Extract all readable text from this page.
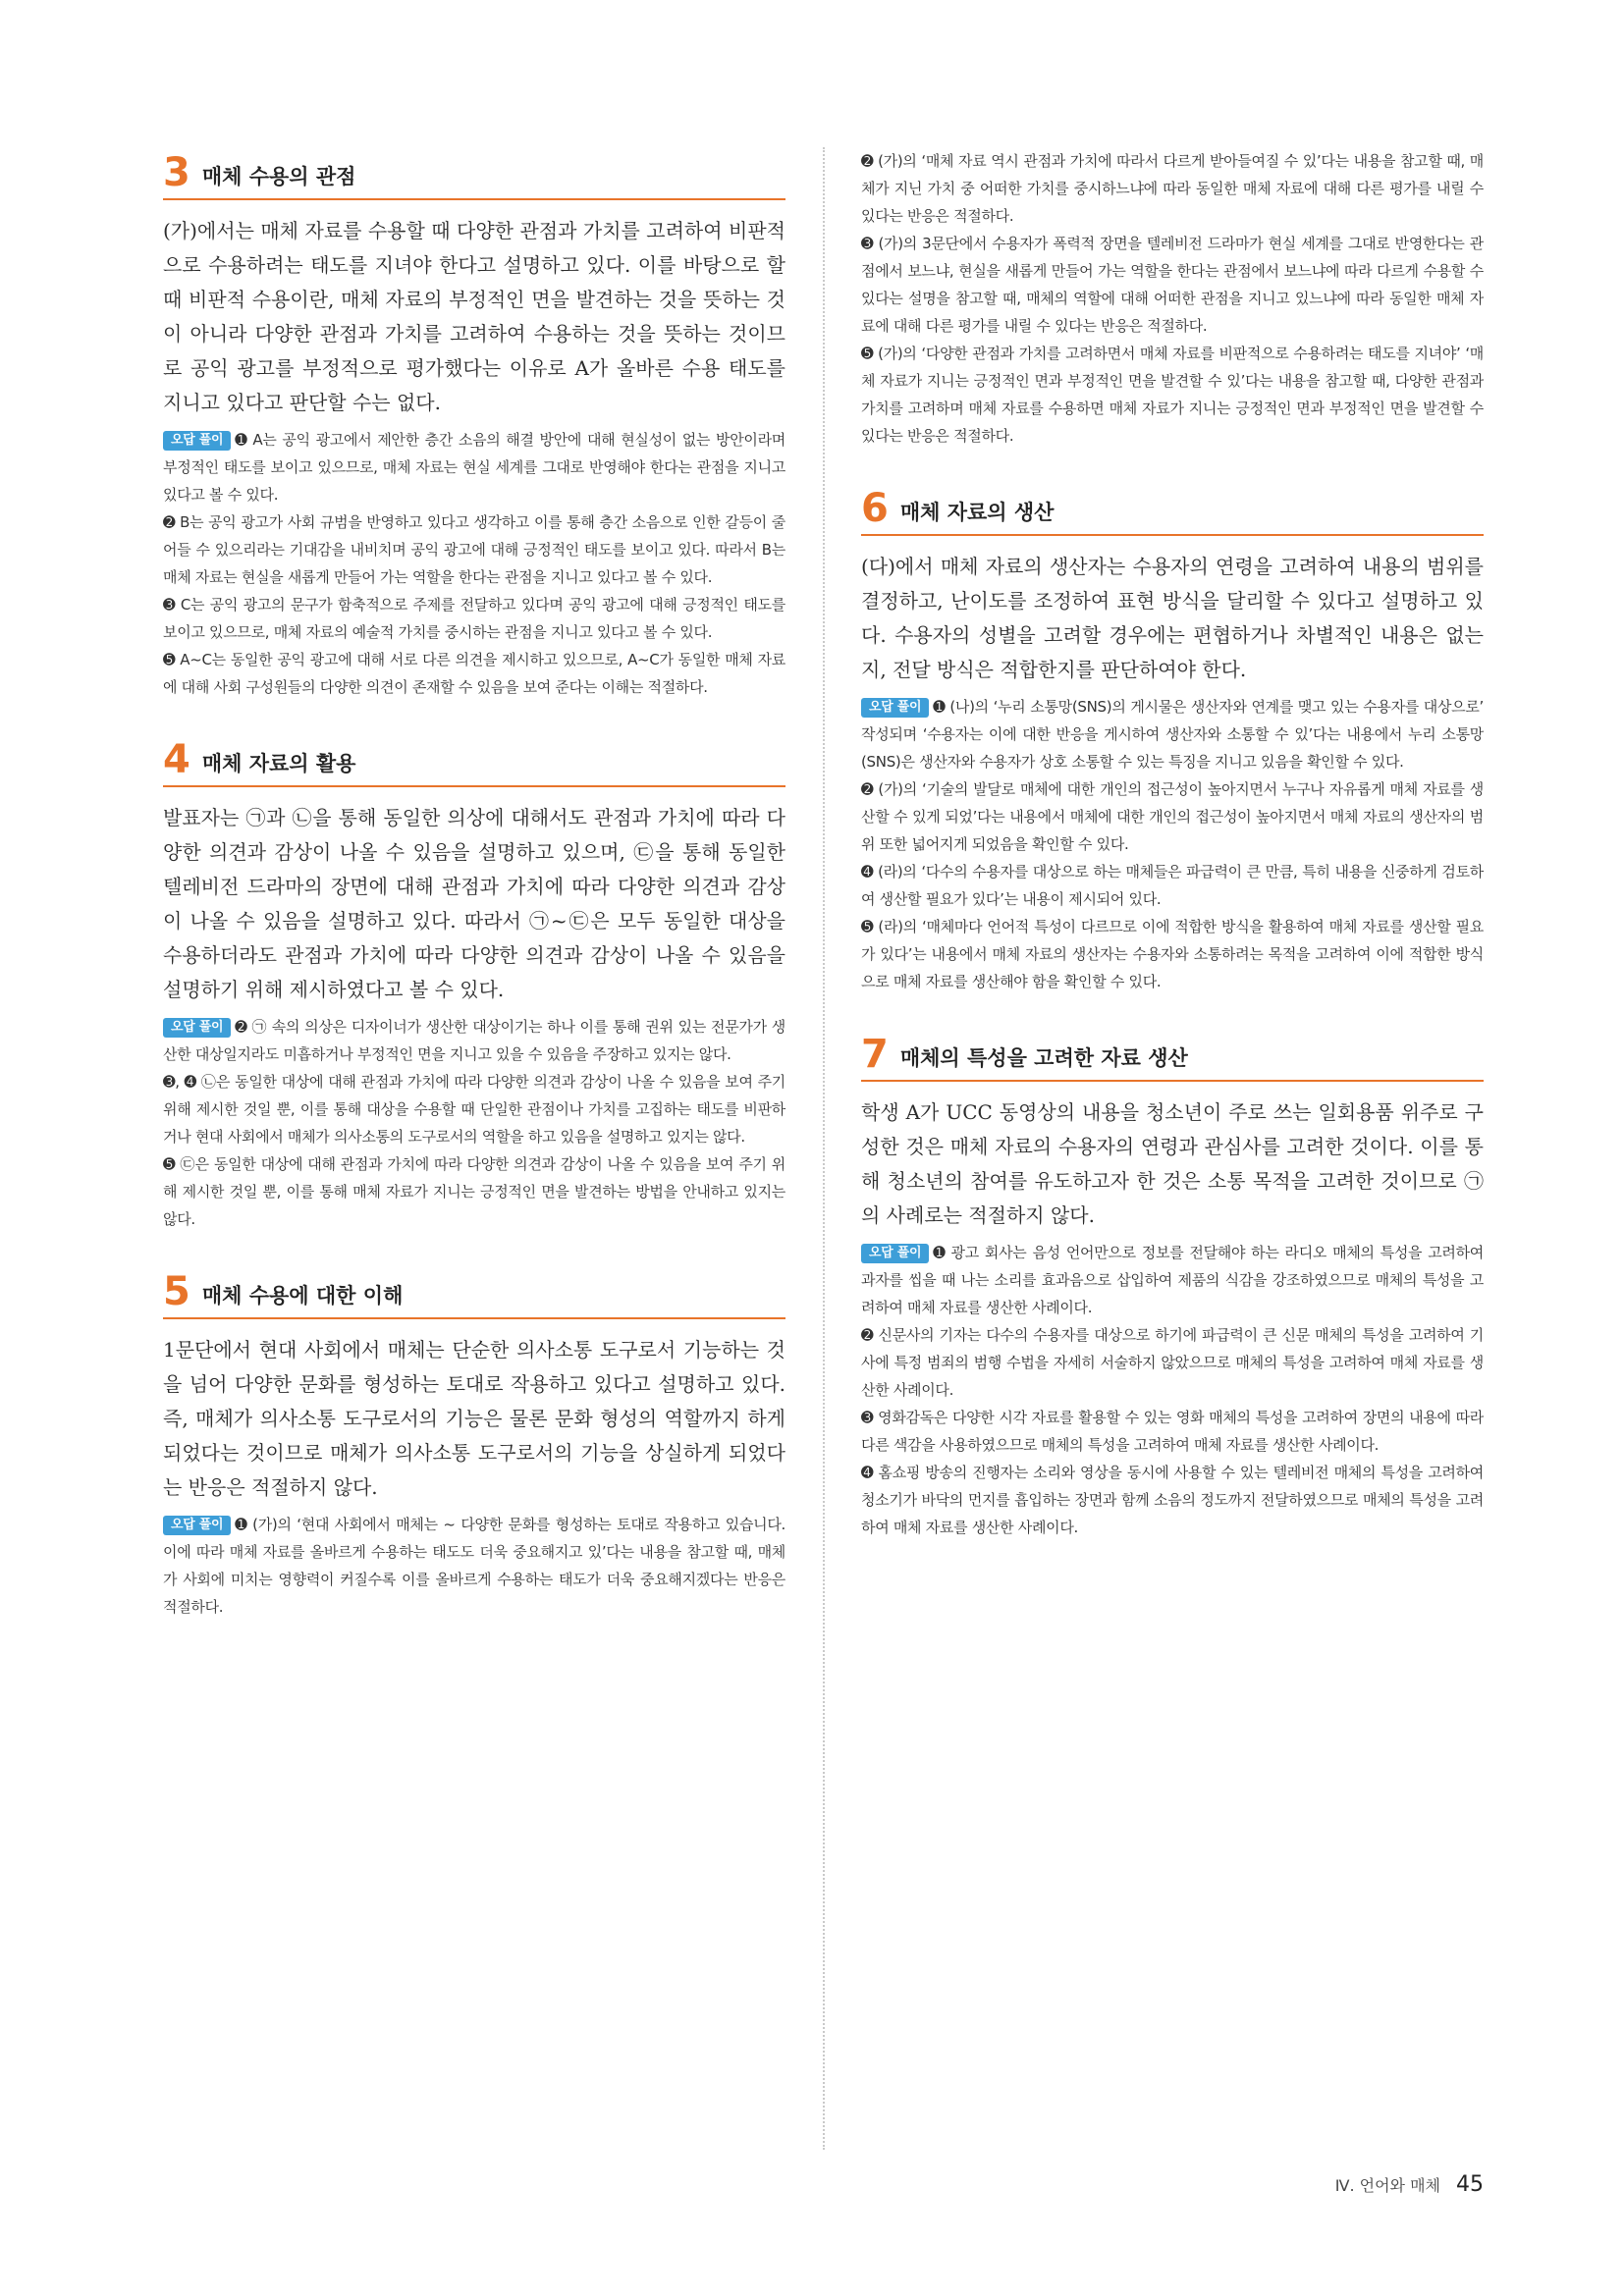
3 매체 수용의 관점

(가)에서는 매체 자료를 수용할 때 다양한 관점과 가치를 고려하여 비판적으로 수용하려는 태도를 지녀야 한다고 설명하고 있다. 이를 바탕으로 할 때 비판적 수용이란, 매체 자료의 부정적인 면을 발견하는 것을 뜻하는 것이 아니라 다양한 관점과 가치를 고려하여 수용하는 것을 뜻하는 것이므로 공익 광고를 부정적으로 평가했다는 이유로 A가 올바른 수용 태도를 지니고 있다고 판단할 수는 없다.

오답 풀이 ➊ A는 공익 광고에서 제안한 층간 소음의 해결 방안에 대해 현실성이 없는 방안이라며 부정적인 태도를 보이고 있으므로, 매체 자료는 현실 세계를 그대로 반영해야 한다는 관점을 지니고 있다고 볼 수 있다.

➋ B는 공익 광고가 사회 규범을 반영하고 있다고 생각하고 이를 통해 층간 소음으로 인한 갈등이 줄어들 수 있으리라는 기대감을 내비치며 공익 광고에 대해 긍정적인 태도를 보이고 있다. 따라서 B는 매체 자료는 현실을 새롭게 만들어 가는 역할을 한다는 관점을 지니고 있다고 볼 수 있다.

➌ C는 공익 광고의 문구가 함축적으로 주제를 전달하고 있다며 공익 광고에 대해 긍정적인 태도를 보이고 있으므로, 매체 자료의 예술적 가치를 중시하는 관점을 지니고 있다고 볼 수 있다.

➎ A~C는 동일한 공익 광고에 대해 서로 다른 의견을 제시하고 있으므로, A~C가 동일한 매체 자료에 대해 사회 구성원들의 다양한 의견이 존재할 수 있음을 보여 준다는 이해는 적절하다.

4 매체 자료의 활용

발표자는 ㉠과 ㉡을 통해 동일한 의상에 대해서도 관점과 가치에 따라 다양한 의견과 감상이 나올 수 있음을 설명하고 있으며, ㉢을 통해 동일한 텔레비전 드라마의 장면에 대해 관점과 가치에 따라 다양한 의견과 감상이 나올 수 있음을 설명하고 있다. 따라서 ㉠~㉢은 모두 동일한 대상을 수용하더라도 관점과 가치에 따라 다양한 의견과 감상이 나올 수 있음을 설명하기 위해 제시하였다고 볼 수 있다.

오답 풀이 ➋ ㉠ 속의 의상은 디자이너가 생산한 대상이기는 하나 이를 통해 권위 있는 전문가가 생산한 대상일지라도 미흡하거나 부정적인 면을 지니고 있을 수 있음을 주장하고 있지는 않다.

➌, ➍ ㉡은 동일한 대상에 대해 관점과 가치에 따라 다양한 의견과 감상이 나올 수 있음을 보여 주기 위해 제시한 것일 뿐, 이를 통해 대상을 수용할 때 단일한 관점이나 가치를 고집하는 태도를 비판하거나 현대 사회에서 매체가 의사소통의 도구로서의 역할을 하고 있음을 설명하고 있지는 않다.

➎ ㉢은 동일한 대상에 대해 관점과 가치에 따라 다양한 의견과 감상이 나올 수 있음을 보여 주기 위해 제시한 것일 뿐, 이를 통해 매체 자료가 지니는 긍정적인 면을 발견하는 방법을 안내하고 있지는 않다.

5 매체 수용에 대한 이해

1문단에서 현대 사회에서 매체는 단순한 의사소통 도구로서 기능하는 것을 넘어 다양한 문화를 형성하는 토대로 작용하고 있다고 설명하고 있다. 즉, 매체가 의사소통 도구로서의 기능은 물론 문화 형성의 역할까지 하게 되었다는 것이므로 매체가 의사소통 도구로서의 기능을 상실하게 되었다는 반응은 적절하지 않다.

오답 풀이 ➊ (가)의 ‘현대 사회에서 매체는 ~ 다양한 문화를 형성하는 토대로 작용하고 있습니다. 이에 따라 매체 자료를 올바르게 수용하는 태도도 더욱 중요해지고 있’다는 내용을 참고할 때, 매체가 사회에 미치는 영향력이 커질수록 이를 올바르게 수용하는 태도가 더욱 중요해지겠다는 반응은 적절하다.

➋ (가)의 ‘매체 자료 역시 관점과 가치에 따라서 다르게 받아들여질 수 있’다는 내용을 참고할 때, 매체가 지닌 가치 중 어떠한 가치를 중시하느냐에 따라 동일한 매체 자료에 대해 다른 평가를 내릴 수 있다는 반응은 적절하다.

➌ (가)의 3문단에서 수용자가 폭력적 장면을 텔레비전 드라마가 현실 세계를 그대로 반영한다는 관점에서 보느냐, 현실을 새롭게 만들어 가는 역할을 한다는 관점에서 보느냐에 따라 다르게 수용할 수 있다는 설명을 참고할 때, 매체의 역할에 대해 어떠한 관점을 지니고 있느냐에 따라 동일한 매체 자료에 대해 다른 평가를 내릴 수 있다는 반응은 적절하다.

➎ (가)의 ‘다양한 관점과 가치를 고려하면서 매체 자료를 비판적으로 수용하려는 태도를 지녀야’ ‘매체 자료가 지니는 긍정적인 면과 부정적인 면을 발견할 수 있’다는 내용을 참고할 때, 다양한 관점과 가치를 고려하며 매체 자료를 수용하면 매체 자료가 지니는 긍정적인 면과 부정적인 면을 발견할 수 있다는 반응은 적절하다.

6 매체 자료의 생산

(다)에서 매체 자료의 생산자는 수용자의 연령을 고려하여 내용의 범위를 결정하고, 난이도를 조정하여 표현 방식을 달리할 수 있다고 설명하고 있다. 수용자의 성별을 고려할 경우에는 편협하거나 차별적인 내용은 없는지, 전달 방식은 적합한지를 판단하여야 한다.

오답 풀이 ➊ (나)의 ‘누리 소통망(SNS)의 게시물은 생산자와 연계를 맺고 있는 수용자를 대상으로’ 작성되며 ‘수용자는 이에 대한 반응을 게시하여 생산자와 소통할 수 있’다는 내용에서 누리 소통망(SNS)은 생산자와 수용자가 상호 소통할 수 있는 특징을 지니고 있음을 확인할 수 있다.

➋ (가)의 ‘기술의 발달로 매체에 대한 개인의 접근성이 높아지면서 누구나 자유롭게 매체 자료를 생산할 수 있게 되었’다는 내용에서 매체에 대한 개인의 접근성이 높아지면서 매체 자료의 생산자의 범위 또한 넓어지게 되었음을 확인할 수 있다.

➍ (라)의 ‘다수의 수용자를 대상으로 하는 매체들은 파급력이 큰 만큼, 특히 내용을 신중하게 검토하여 생산할 필요가 있다’는 내용이 제시되어 있다.

➎ (라)의 ‘매체마다 언어적 특성이 다르므로 이에 적합한 방식을 활용하여 매체 자료를 생산할 필요가 있다’는 내용에서 매체 자료의 생산자는 수용자와 소통하려는 목적을 고려하여 이에 적합한 방식으로 매체 자료를 생산해야 함을 확인할 수 있다.

7 매체의 특성을 고려한 자료 생산

학생 A가 UCC 동영상의 내용을 청소년이 주로 쓰는 일회용품 위주로 구성한 것은 매체 자료의 수용자의 연령과 관심사를 고려한 것이다. 이를 통해 청소년의 참여를 유도하고자 한 것은 소통 목적을 고려한 것이므로 ㉠의 사례로는 적절하지 않다.

오답 풀이 ➊ 광고 회사는 음성 언어만으로 정보를 전달해야 하는 라디오 매체의 특성을 고려하여 과자를 씹을 때 나는 소리를 효과음으로 삽입하여 제품의 식감을 강조하였으므로 매체의 특성을 고려하여 매체 자료를 생산한 사례이다.

➋ 신문사의 기자는 다수의 수용자를 대상으로 하기에 파급력이 큰 신문 매체의 특성을 고려하여 기사에 특정 범죄의 범행 수법을 자세히 서술하지 않았으므로 매체의 특성을 고려하여 매체 자료를 생산한 사례이다.

➌ 영화감독은 다양한 시각 자료를 활용할 수 있는 영화 매체의 특성을 고려하여 장면의 내용에 따라 다른 색감을 사용하였으므로 매체의 특성을 고려하여 매체 자료를 생산한 사례이다.

➍ 홈쇼핑 방송의 진행자는 소리와 영상을 동시에 사용할 수 있는 텔레비전 매체의 특성을 고려하여 청소기가 바닥의 먼지를 흡입하는 장면과 함께 소음의 정도까지 전달하였으므로 매체의 특성을 고려하여 매체 자료를 생산한 사례이다.

Ⅳ. 언어와 매체 45
